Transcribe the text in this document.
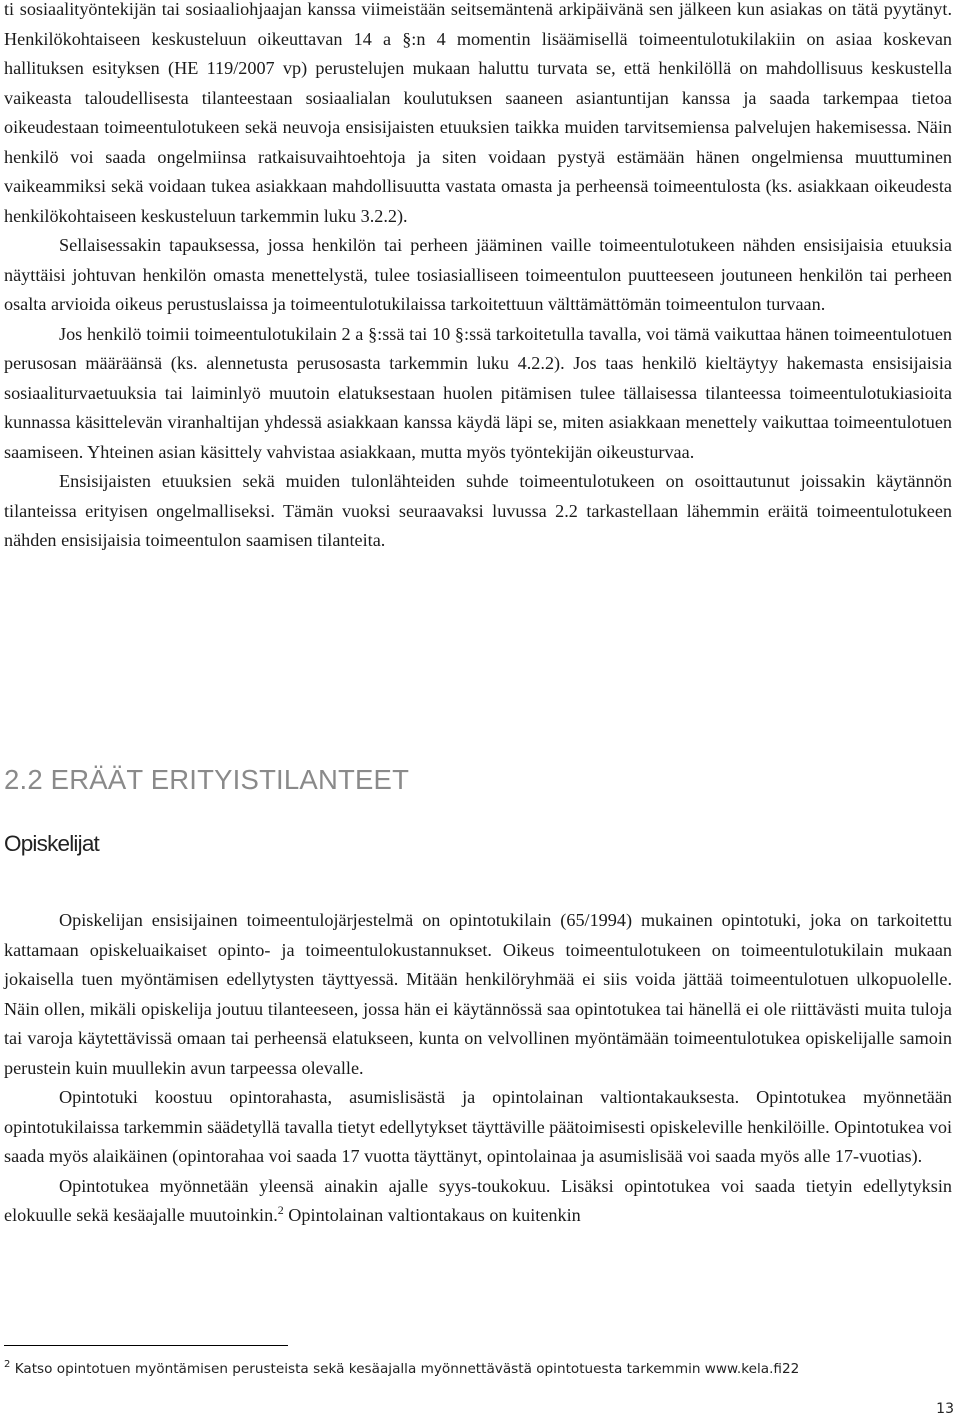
ti sosiaalityöntekijän tai sosiaaliohjaajan kanssa viimeistään seitsemäntenä arkipäivänä sen jälkeen kun asiakas on tätä pyytänyt. Henkilökohtaiseen keskusteluun oikeuttavan 14 a §:n 4 momentin lisäämisellä toimeentulotukilakiin on asiaa koskevan hallituksen esityksen (HE 119/2007 vp) perustelujen mukaan haluttu turvata se, että henkilöllä on mahdollisuus keskustella vaikeasta taloudellisesta tilanteestaan sosiaalialan koulutuksen saaneen asiantuntijan kanssa ja saada tarkempaa tietoa oikeudestaan toimeentulotukeen sekä neuvoja ensisijaisten etuuksien taikka muiden tarvitsemiensa palvelujen hakemisessa. Näin henkilö voi saada ongelmiinsa ratkaisuvaihtoehtoja ja siten voidaan pystyä estämään hänen ongelmiensa muuttuminen vaikeammiksi sekä voidaan tukea asiakkaan mahdollisuutta vastata omasta ja perheensä toimeentulosta (ks. asiakkaan oikeudesta henkilökohtaiseen keskusteluun tarkemmin luku 3.2.2).

Sellaisessakin tapauksessa, jossa henkilön tai perheen jääminen vaille toimeentulotukeen nähden ensisijaisia etuuksia näyttäisi johtuvan henkilön omasta menettelystä, tulee tosiasialliseen toimeentulon puutteeseen joutuneen henkilön tai perheen osalta arvioida oikeus perustuslaissa ja toimeentulotukilaissa tarkoitettuun välttämättömän toimeentulon turvaan.

Jos henkilö toimii toimeentulotukilain 2 a §:ssä tai 10 §:ssä tarkoitetulla tavalla, voi tämä vaikuttaa hänen toimeentulotuen perusosan määräänsä (ks. alennetusta perusosasta tarkemmin luku 4.2.2). Jos taas henkilö kieltäytyy hakemasta ensisijaisia sosiaaliturvaetuuksia tai laiminlyö muutoin elatuksestaan huolen pitämisen tulee tällaisessa tilanteessa toimeentulotukiasioita kunnassa käsittelevän viranhaltijan yhdessä asiakkaan kanssa käydä läpi se, miten asiakkaan menettely vaikuttaa toimeentulotuen saamiseen. Yhteinen asian käsittely vahvistaa asiakkaan, mutta myös työntekijän oikeusturvaa.

Ensisijaisten etuuksien sekä muiden tulonlähteiden suhde toimeentulotukeen on osoittautunut joissakin käytännön tilanteissa erityisen ongelmalliseksi. Tämän vuoksi seuraavaksi luvussa 2.2 tarkastellaan lähemmin eräitä toimeentulotukeen nähden ensisijaisia toimeentulon saamisen tilanteita.

2.2 ERÄÄT ERITYISTILANTEET
Opiskelijat

Opiskelijan ensisijainen toimeentulojärjestelmä on opintotukilain (65/1994) mukainen opintotuki, joka on tarkoitettu kattamaan opiskeluaikaiset opinto- ja toimeentulokustannukset. Oikeus toimeentulotukeen on toimeentulotukilain mukaan jokaisella tuen myöntämisen edellytysten täyttyessä. Mitään henkilöryhmää ei siis voida jättää toimeentulotuen ulkopuolelle. Näin ollen, mikäli opiskelija joutuu tilanteeseen, jossa hän ei käytännössä saa opintotukea tai hänellä ei ole riittävästi muita tuloja tai varoja käytettävissä omaan tai perheensä elatukseen, kunta on velvollinen myöntämään toimeentulotukea opiskelijalle samoin perustein kuin muullekin avun tarpeessa olevalle.

Opintotuki koostuu opintorahasta, asumislisästä ja opintolainan valtiontakauksesta. Opintotukea myönnetään opintotukilaissa tarkemmin säädetyllä tavalla tietyt edellytykset täyttäville päätoimisesti opiskeleville henkilöille. Opintotukea voi saada myös alaikäinen (opintorahaa voi saada 17 vuotta täyttänyt, opintolainaa ja asumislisää voi saada myös alle 17-vuotias).

Opintotukea myönnetään yleensä ainakin ajalle syys-toukokuu. Lisäksi opintotukea voi saada tietyin edellytyksin elokuulle sekä kesäajalle muutoinkin.$^2$ Opintolainan valtiontakaus on kuitenkin

$^2$ Katso opintotuen myöntämisen perusteista sekä kesäajalla myönnettävästä opintotuesta tarkemmin www.kela.fi22
13
